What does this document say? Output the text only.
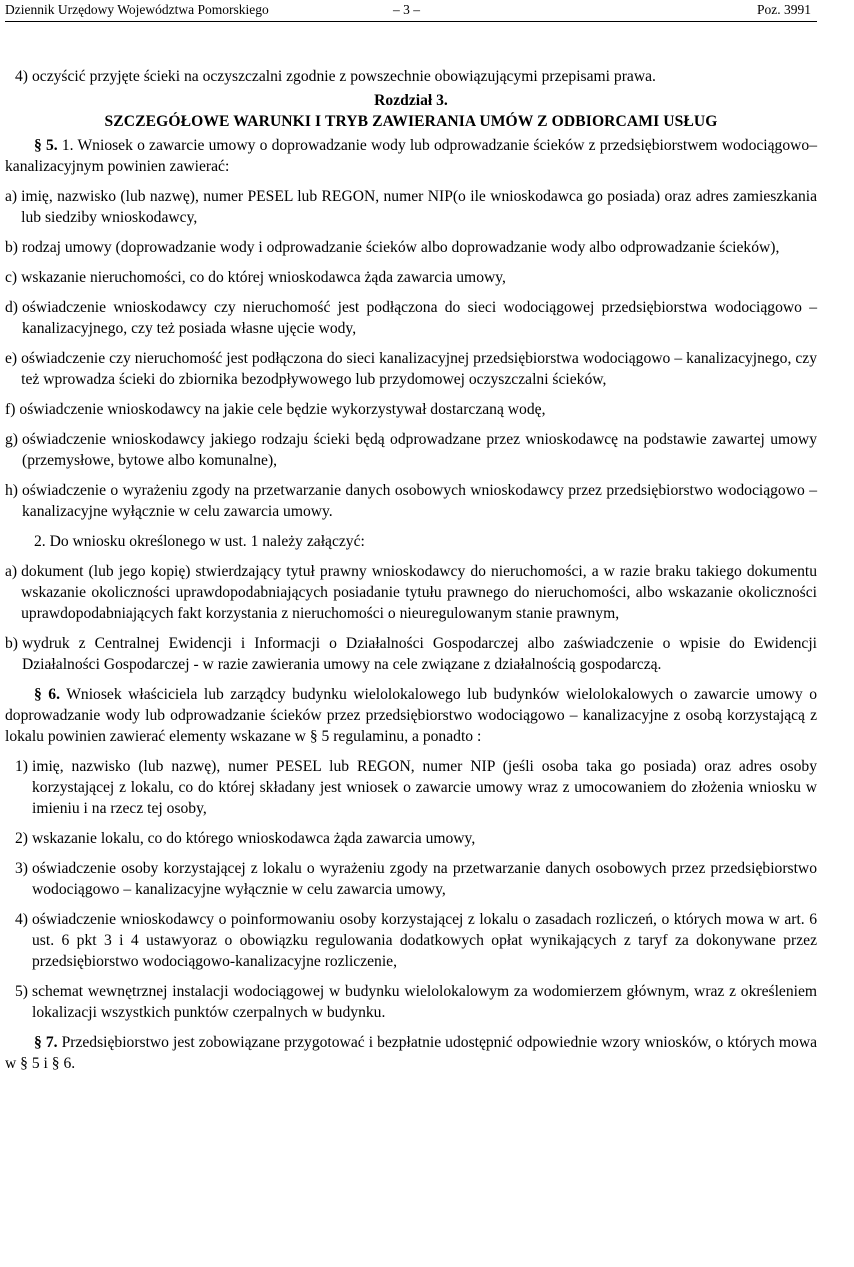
Dziennik Urzędowy Województwa Pomorskiego	– 3 –	Poz. 3991
4) oczyścić przyjęte ścieki na oczyszczalni zgodnie z powszechnie obowiązującymi przepisami prawa.
Rozdział 3.
SZCZEGÓŁOWE WARUNKI I TRYB ZAWIERANIA UMÓW Z ODBIORCAMI USŁUG

§ 5. 1. Wniosek o zawarcie umowy o doprowadzanie wody lub odprowadzanie ścieków z przedsiębiorstwem wodociągowo– kanalizacyjnym powinien zawierać:

a) imię, nazwisko (lub nazwę), numer PESEL lub REGON, numer NIP(o ile wnioskodawca go posiada) oraz adres zamieszkania lub siedziby wnioskodawcy,
b) rodzaj umowy (doprowadzanie wody i odprowadzanie ścieków albo doprowadzanie wody albo odprowadzanie ścieków),
c) wskazanie nieruchomości, co do której wnioskodawca żąda zawarcia umowy,
d) oświadczenie wnioskodawcy czy nieruchomość jest podłączona do sieci wodociągowej przedsiębiorstwa wodociągowo – kanalizacyjnego, czy też posiada własne ujęcie wody,
e) oświadczenie czy nieruchomość jest podłączona do sieci kanalizacyjnej przedsiębiorstwa wodociągowo – kanalizacyjnego, czy też wprowadza ścieki do zbiornika bezodpływowego lub przydomowej oczyszczalni ścieków,
f) oświadczenie wnioskodawcy na jakie cele będzie wykorzystywał dostarczaną wodę,
g) oświadczenie wnioskodawcy jakiego rodzaju ścieki będą odprowadzane przez wnioskodawcę na podstawie zawartej umowy (przemysłowe, bytowe albo komunalne),
h) oświadczenie o wyrażeniu zgody na przetwarzanie danych osobowych wnioskodawcy przez przedsiębiorstwo wodociągowo – kanalizacyjne wyłącznie w celu zawarcia umowy.

2. Do wniosku określonego w ust. 1 należy załączyć:

a) dokument (lub jego kopię) stwierdzający tytuł prawny wnioskodawcy do nieruchomości, a w razie braku takiego dokumentu wskazanie okoliczności uprawdopodabniających posiadanie tytułu prawnego do nieruchomości, albo wskazanie okoliczności uprawdopodabniających fakt korzystania z nieruchomości o nieuregulowanym stanie prawnym,
b) wydruk z Centralnej Ewidencji i Informacji o Działalności Gospodarczej albo zaświadczenie o wpisie do Ewidencji Działalności Gospodarczej - w razie zawierania umowy na cele związane z działalnością gospodarczą.

§ 6. Wniosek właściciela lub zarządcy budynku wielolokalowego lub budynków wielolokalowych o zawarcie umowy o doprowadzanie wody lub odprowadzanie ścieków przez przedsiębiorstwo wodociągowo – kanalizacyjne z osobą korzystającą z lokalu powinien zawierać elementy wskazane w § 5 regulaminu, a ponadto :

1) imię, nazwisko (lub nazwę), numer PESEL lub REGON, numer NIP (jeśli osoba taka go posiada) oraz adres osoby korzystającej z lokalu, co do której składany jest wniosek o zawarcie umowy wraz z umocowaniem do złożenia wniosku w imieniu i na rzecz tej osoby,
2) wskazanie lokalu, co do którego wnioskodawca żąda zawarcia umowy,
3) oświadczenie osoby korzystającej z lokalu o wyrażeniu zgody na przetwarzanie danych osobowych przez przedsiębiorstwo wodociągowo – kanalizacyjne wyłącznie w celu zawarcia umowy,
4) oświadczenie wnioskodawcy o poinformowaniu osoby korzystającej z lokalu o zasadach rozliczeń, o których mowa w art. 6 ust. 6 pkt 3 i 4 ustawyoraz o obowiązku regulowania dodatkowych opłat wynikających z taryf za dokonywane przez przedsiębiorstwo wodociągowo-kanalizacyjne rozliczenie,
5) schemat wewnętrznej instalacji wodociągowej w budynku wielolokalowym za wodomierzem głównym, wraz z określeniem lokalizacji wszystkich punktów czerpalnych w budynku.

§ 7. Przedsiębiorstwo jest zobowiązane przygotować i bezpłatnie udostępnić odpowiednie wzory wniosków, o których mowa w § 5 i § 6.
